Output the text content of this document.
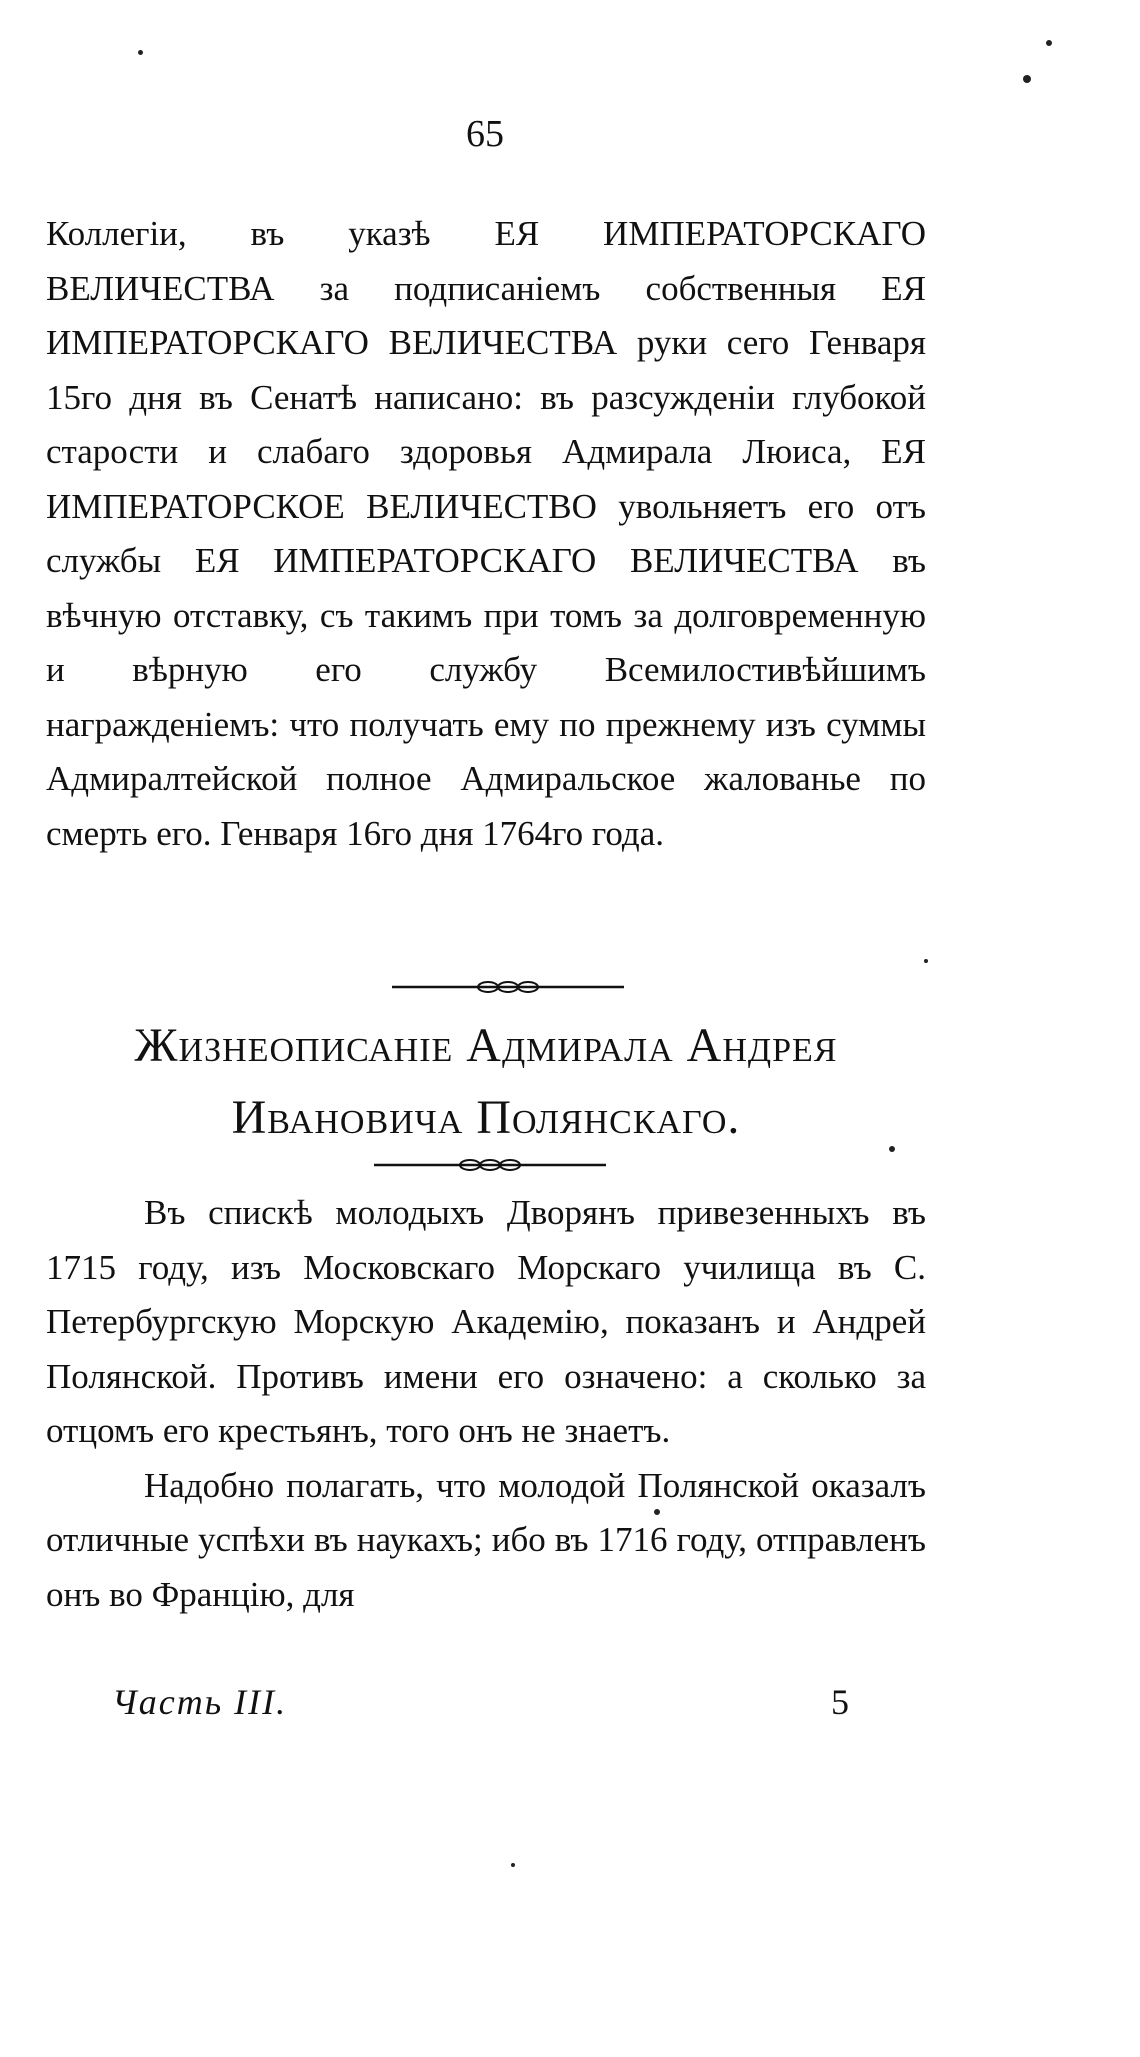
65

Коллегіи, въ указѣ ЕЯ ИМПЕРАТОРСКАГО ВЕЛИЧЕСТВА за подписаніемъ собственныя ЕЯ ИМПЕРАТОРСКАГО ВЕЛИЧЕСТВА руки сего Генваря 15го дня въ Сенатѣ написано: въ разсужденіи глубокой старости и слабаго здоровья Адмирала Люиса, ЕЯ ИМПЕРАТОРСКОЕ ВЕЛИЧЕСТВО увольняетъ его отъ службы ЕЯ ИМПЕРАТОРСКАГО ВЕЛИЧЕСТВА въ вѣчную отставку, съ такимъ при томъ за долговременную и вѣрную его службу Всемилостивѣйшимъ награжденіемъ: что получать ему по прежнему изъ суммы Адмиралтейской полное Адмиральское жалованье по смерть его. Генваря 16го дня 1764го года.

Жизнеописаніе Адмирала Андрея Ивановича Полянскаго.

Въ спискѣ молодыхъ Дворянъ привезенныхъ въ 1715 году, изъ Московскаго Морскаго училища въ С. Петербургскую Морскую Академію, показанъ и Андрей Полянской. Противъ имени его означено: а сколько за отцомъ его крестьянъ, того онъ не знаетъ.

Надобно полагать, что молодой Полянской оказалъ отличные успѣхи въ наукахъ; ибо въ 1716 году, отправленъ онъ во Францію, для

Часть III.	5
